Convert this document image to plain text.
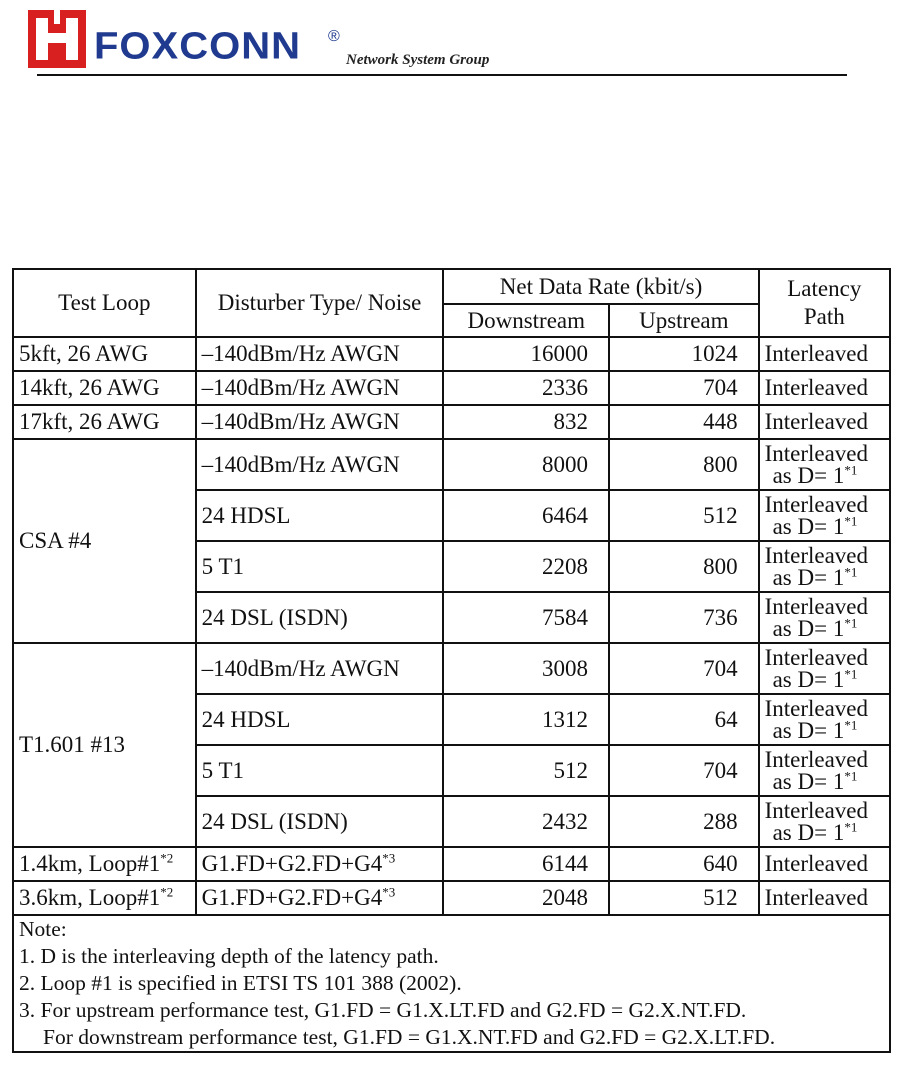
FOXCONN ®
Network System Group
Test Loop	Disturber Type/ Noise	Net Data Rate (kbit/s)		Latency Path
		Downstream	Upstream	
5kft, 26 AWG	–140dBm/Hz AWGN	16000	1024	Interleaved
14kft, 26 AWG	–140dBm/Hz AWGN	2336	704	Interleaved
17kft, 26 AWG	–140dBm/Hz AWGN	832	448	Interleaved
CSA #4	–140dBm/Hz AWGN	8000	800	Interleaved
as $D= 1^{*1}$

	24 HDSL	6464	512	Interleaved
as $D= 1^{*1}$

	5 T1	2208	800	Interleaved
as $D= 1^{*1}$

	24 DSL (ISDN)	7584	736	Interleaved
as $D= 1^{*1}$

T1.601 #13	–140dBm/Hz AWGN	3008	704	Interleaved
as $D= 1^{*1}$

	24 HDSL	1312	64	Interleaved
as $D= 1^{*1}$

	5 T1	512	704	Interleaved
as $D= 1^{*1}$

	24 DSL (ISDN)	2432	288	Interleaved
as $D= 1^{*1}$

1.4km, Loop#1$^{*2}$	$G1.FD+G2.FD+G4^{*3}$	6144	640	Interleaved
3.6km, Loop#1$^{*2}$	$G1.FD+G2.FD+G4^{*3}$	2048	512	Interleaved

Note:
1. D is the interleaving depth of the latency path.
2. Loop #1 is specified in ETSI TS 101 388 (2002).
3. For upstream performance test, G1.FD = G1.X.LT.FD and G2.FD = G2.X.NT.FD.
For downstream performance test, G1.FD = G1.X.NT.FD and G2.FD = G2.X.LT.FD.				
